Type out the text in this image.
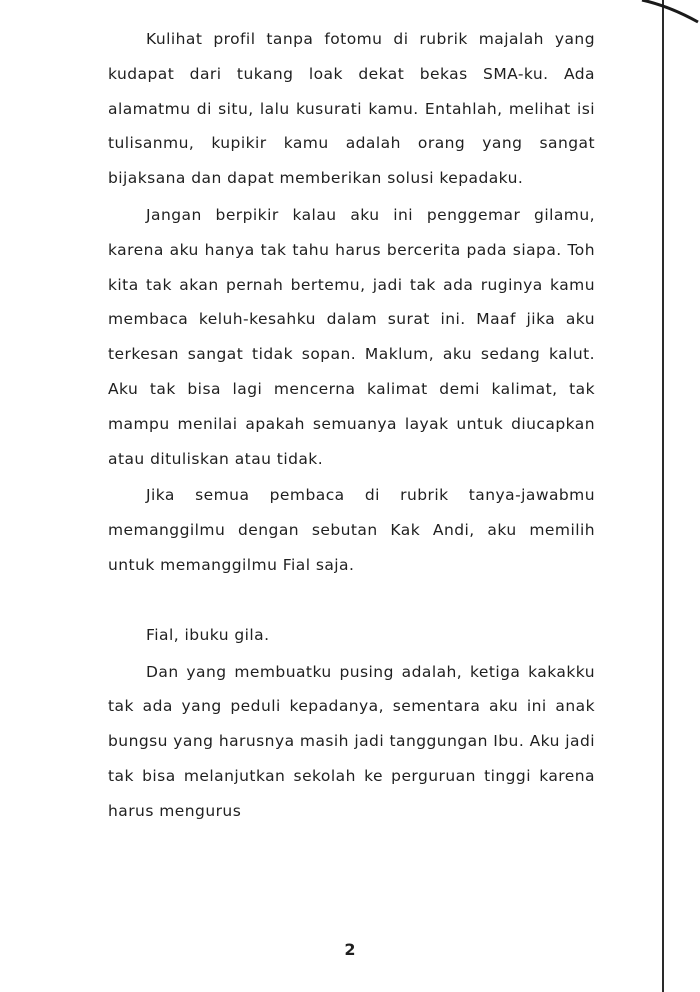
Kulihat profil tanpa fotomu di rubrik majalah yang kudapat dari tukang loak dekat bekas SMA-ku. Ada alamatmu di situ, lalu kusurati kamu. Entahlah, melihat isi tulisanmu, kupikir kamu adalah orang yang sangat bijaksana dan dapat memberikan solusi kepadaku.

Jangan berpikir kalau aku ini penggemar gilamu, karena aku hanya tak tahu harus bercerita pada siapa. Toh kita tak akan pernah bertemu, jadi tak ada ruginya kamu membaca keluh-kesahku dalam surat ini. Maaf jika aku terkesan sangat tidak sopan. Maklum, aku sedang kalut. Aku tak bisa lagi mencerna kalimat demi kalimat, tak mampu menilai apakah semuanya layak untuk diucapkan atau dituliskan atau tidak.

Jika semua pembaca di rubrik tanya-jawabmu memanggilmu dengan sebutan Kak Andi, aku memilih untuk memanggilmu Fial saja.

Fial, ibuku gila.

Dan yang membuatku pusing adalah, ketiga kakakku tak ada yang peduli kepadanya, sementara aku ini anak bungsu yang harusnya masih jadi tanggungan Ibu. Aku jadi tak bisa melanjutkan sekolah ke perguruan tinggi karena harus mengurus

2
